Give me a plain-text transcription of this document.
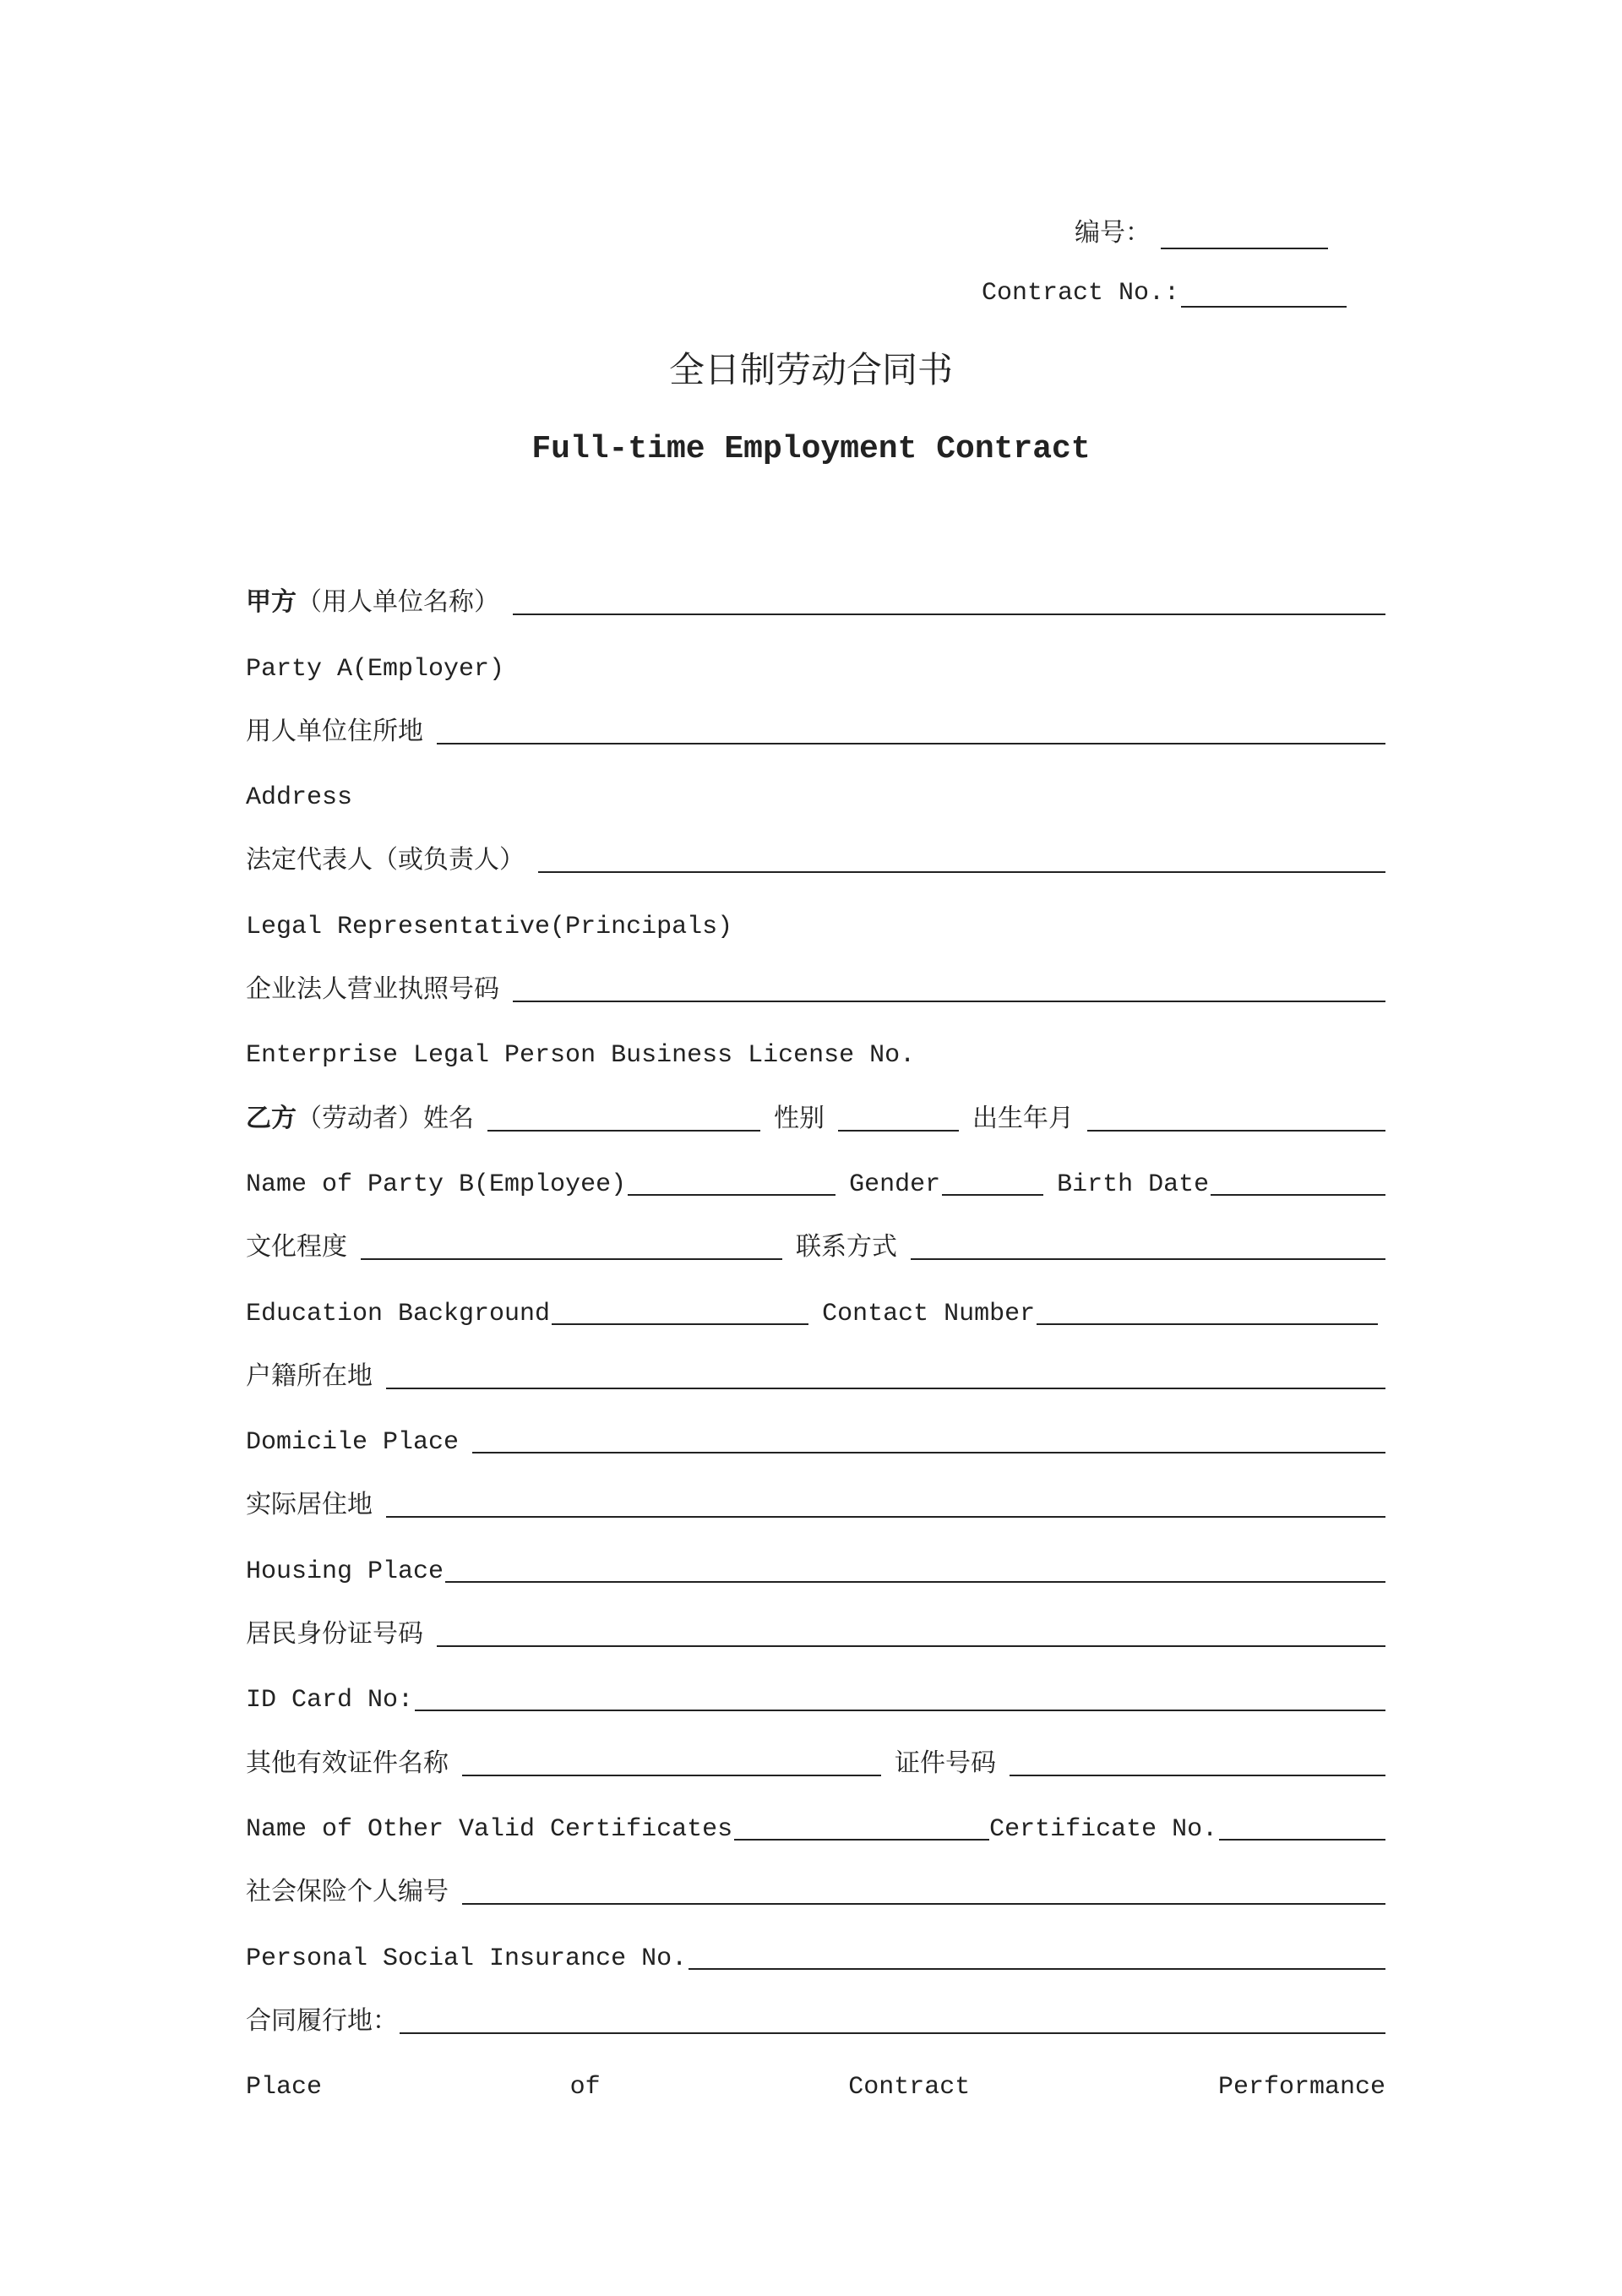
编号：
Contract No.:
全日制劳动合同书
Full-time Employment Contract
甲方 （用人单位名称）
Party A(Employer)
用人单位住所地
Address
法定代表人（或负责人）
Legal Representative(Principals)
企业法人营业执照号码
Enterprise Legal Person Business License No.
乙方 （劳动者）姓名	性别	出生年月
Name of Party B(Employee)	Gender	Birth Date
文化程度	联系方式
Education Background	Contact Number
户籍所在地
Domicile Place
实际居住地
Housing Place
居民身份证号码
ID Card No:
其他有效证件名称	证件号码
Name of Other Valid Certificates	Certificate No.
社会保险个人编号
Personal Social Insurance No.
合同履行地：
Place	of	Contract	Performance
